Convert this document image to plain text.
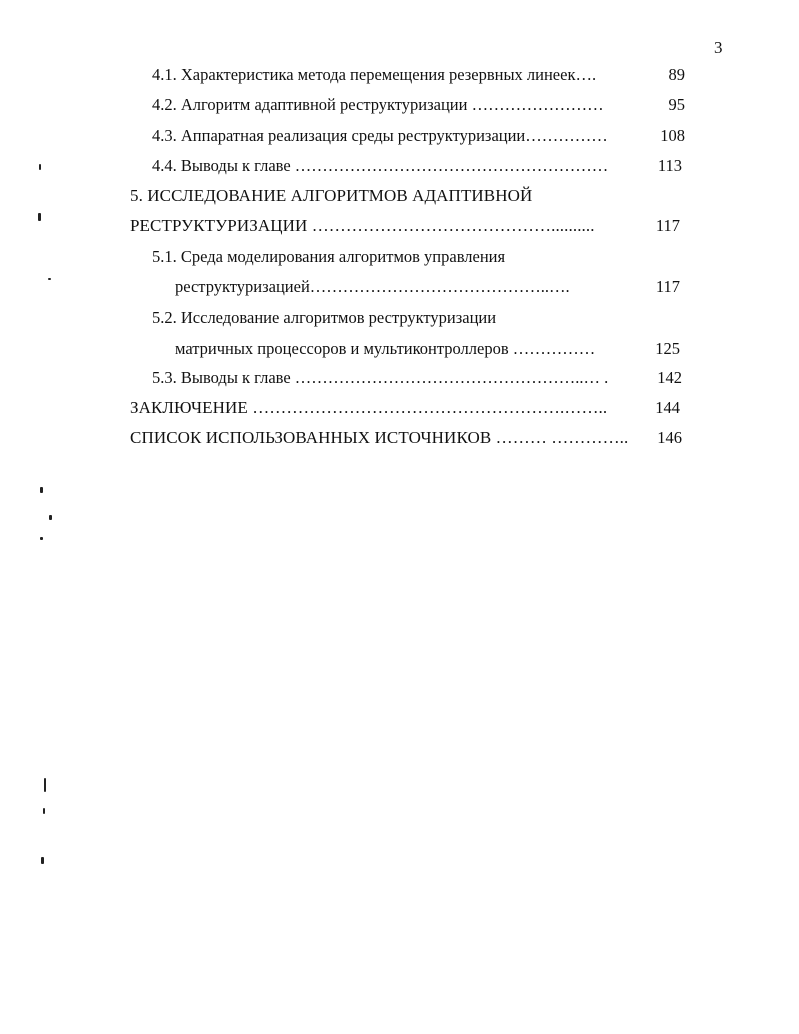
3
4.1. Характеристика метода перемещения резервных линеек….	89
4.2. Алгоритм адаптивной реструктуризации ……………………	95
4.3. Аппаратная реализация среды реструктуризации……………	108
4.4. Выводы к главе …………………………………………………	113
5. ИССЛЕДОВАНИЕ АЛГОРИТМОВ АДАПТИВНОЙ
РЕСТРУКТУРИЗАЦИИ ……………………………………..........	117
5.1. Среда моделирования алгоритмов управления
реструктуризацией……………………………………..….	117
5.2. Исследование алгоритмов реструктуризации
матричных процессоров и мультиконтроллеров ……………	125
5.3. Выводы к главе ……………………………………………..… .	142
ЗАКЛЮЧЕНИЕ ……………………………………………….……..	144
СПИСОК ИСПОЛЬЗОВАННЫХ ИСТОЧНИКОВ ……… ………….. 146
